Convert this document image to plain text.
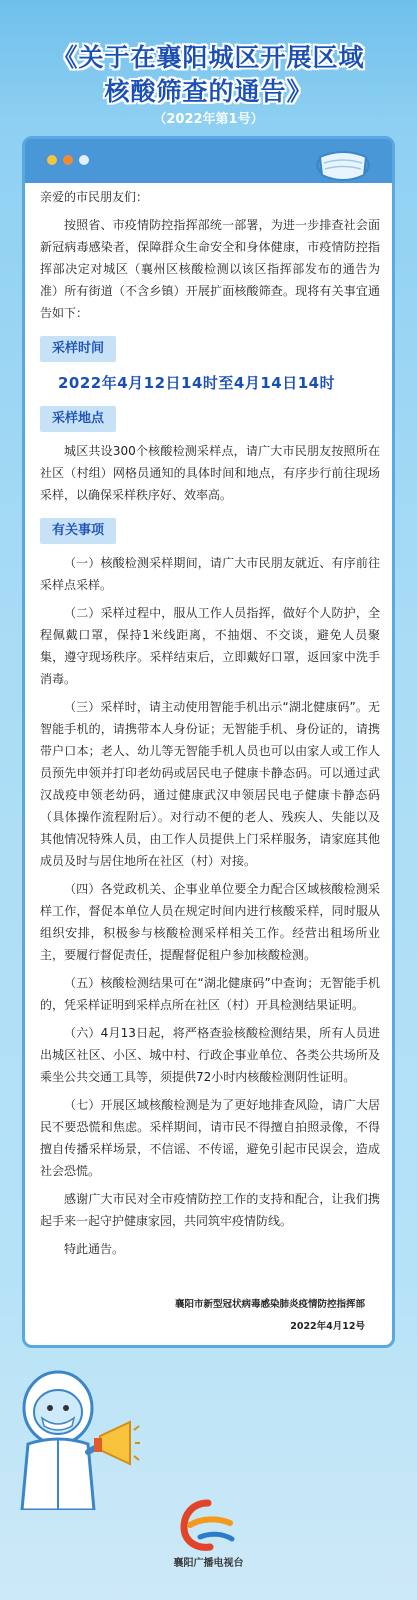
《关于在襄阳城区开展区域
核酸筛查的通告》
（2022年第1号）

亲爱的市民朋友们：

按照省、市疫情防控指挥部统一部署，为进一步排查社会面新冠病毒感染者，保障群众生命安全和身体健康，市疫情防控指挥部决定对城区（襄州区核酸检测以该区指挥部发布的通告为准）所有街道（不含乡镇）开展扩面核酸筛查。现将有关事宜通告如下：

采样时间
2022年4月12日14时至4月14日14时
采样地点

城区共设300个核酸检测采样点，请广大市民朋友按照所在社区（村组）网格员通知的具体时间和地点，有序步行前往现场采样，以确保采样秩序好、效率高。

有关事项

（一）核酸检测采样期间，请广大市民朋友就近、有序前往采样点采样。

（二）采样过程中，服从工作人员指挥，做好个人防护，全程佩戴口罩，保持1米线距离，不抽烟、不交谈，避免人员聚集，遵守现场秩序。采样结束后，立即戴好口罩，返回家中洗手消毒。

（三）采样时，请主动使用智能手机出示“湖北健康码”。无智能手机的，请携带本人身份证；无智能手机、身份证的，请携带户口本；老人、幼儿等无智能手机人员也可以由家人或工作人员预先申领并打印老幼码或居民电子健康卡静态码。可以通过武汉战疫申领老幼码，通过健康武汉申领居民电子健康卡静态码（具体操作流程附后）。对行动不便的老人、残疾人、失能以及其他情况特殊人员，由工作人员提供上门采样服务，请家庭其他成员及时与居住地所在社区（村）对接。

（四）各党政机关、企事业单位要全力配合区域核酸检测采样工作，督促本单位人员在规定时间内进行核酸采样，同时服从组织安排，积极参与核酸检测采样相关工作。经营出租场所业主，要履行督促责任，提醒督促租户参加核酸检测。

（五）核酸检测结果可在“湖北健康码”中查询；无智能手机的，凭采样证明到采样点所在社区（村）开具检测结果证明。

（六）4月13日起，将严格查验核酸检测结果，所有人员进出城区社区、小区、城中村、行政企事业单位、各类公共场所及乘坐公共交通工具等，须提供72小时内核酸检测阴性证明。

（七）开展区域核酸检测是为了更好地排查风险，请广大居民不要恐慌和焦虑。采样期间，请市民不得擅自拍照录像，不得擅自传播采样场景，不信谣、不传谣，避免引起市民误会，造成社会恐慌。

感谢广大市民对全市疫情防控工作的支持和配合，让我们携起手来一起守护健康家园，共同筑牢疫情防线。

特此通告。

襄阳市新型冠状病毒感染肺炎疫情防控指挥部
2022年4月12号
襄阳广播电视台
